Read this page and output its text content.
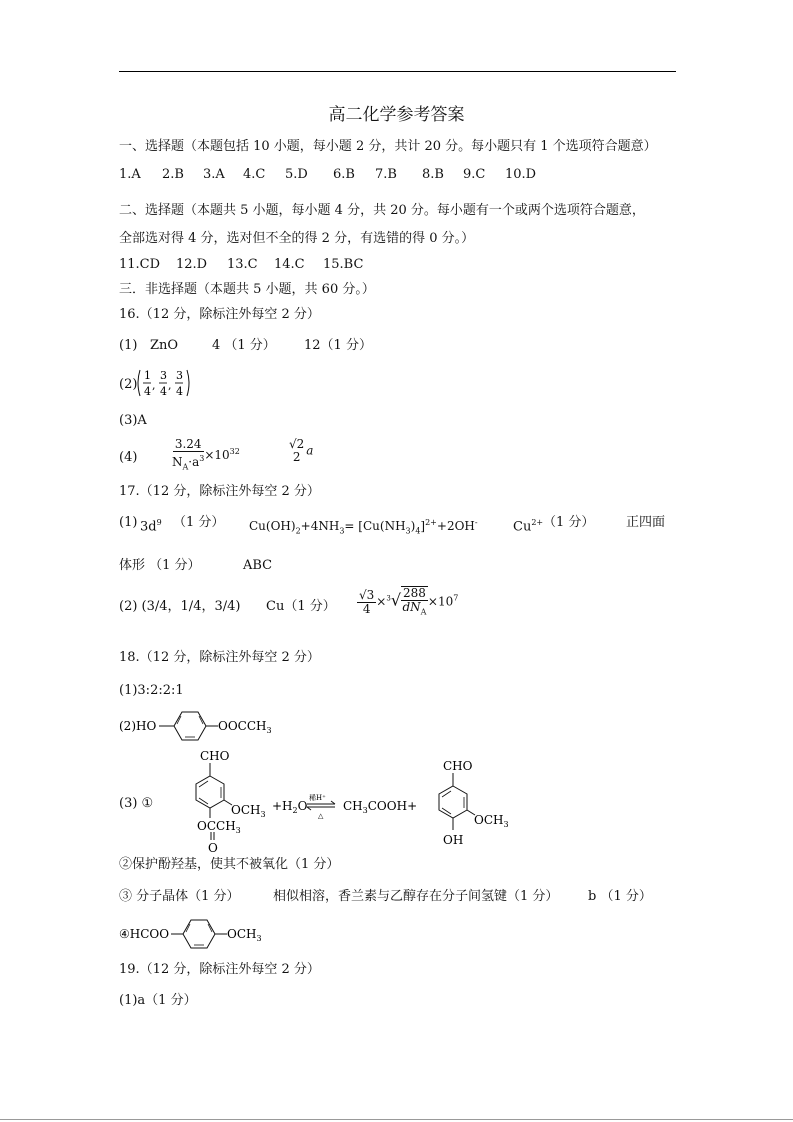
高二化学参考答案
一、选择题（本题包括 10 小题，每小题 2 分，共计 20 分。每小题只有 1 个选项符合题意）
1.A 2.B 3.A 4.C 5.D 6.B 7.B 8.B 9.C 10.D
二、选择题（本题共 5 小题，每小题 4 分，共 20 分。每小题有一个或两个选项符合题意，
全部选对得 4 分，选对但不全的得 2 分，有选错的得 0 分。）
11.CD 12.D 13.C 14.C 15.BC
三．非选择题（本题共 5 小题，共 60 分。）
16.（12 分，除标注外每空 2 分）
(1) ZnO	4 （1 分） 12（1 分）
(2)
1
4 ,
3
4 ,
3
4
(3)A
(4)	$\frac{3.24}{N_A\cdot a^3} \times 10^{32}$
√2
2 a
17.（12 分，除标注外每空 2 分）
(1) $3d^9$ （1 分） $Cu(OH)_2+4NH_3= [Cu(NH_3)_4]^{2+}+2OH^-$	$Cu^{2+}$ （1 分） 正四面
体形 （1 分）	ABC
(2) (3/4，1/4，3/4) Cu（1 分） $\frac{√3}{4} \times^3√ \frac{288}{dN_A} \times 10^7$
18.（12 分，除标注外每空 2 分）
(1)3:2:2:1
(2)HO	$OOCCH_3$
(3) ①
CHO
$OCH_3$
$OCCH_3$
O
$+H_2O$
稀H⁺
△
$CH_3COOH+$
CHO
$OCH_3$
OH
②保护酚羟基，使其不被氧化（1 分）
③ 分子晶体（1 分）	相似相溶，香兰素与乙醇存在分子间氢键（1 分） b （1 分）
④HCOO	$OCH_3$
19.（12 分，除标注外每空 2 分）
(1)a（1 分）
